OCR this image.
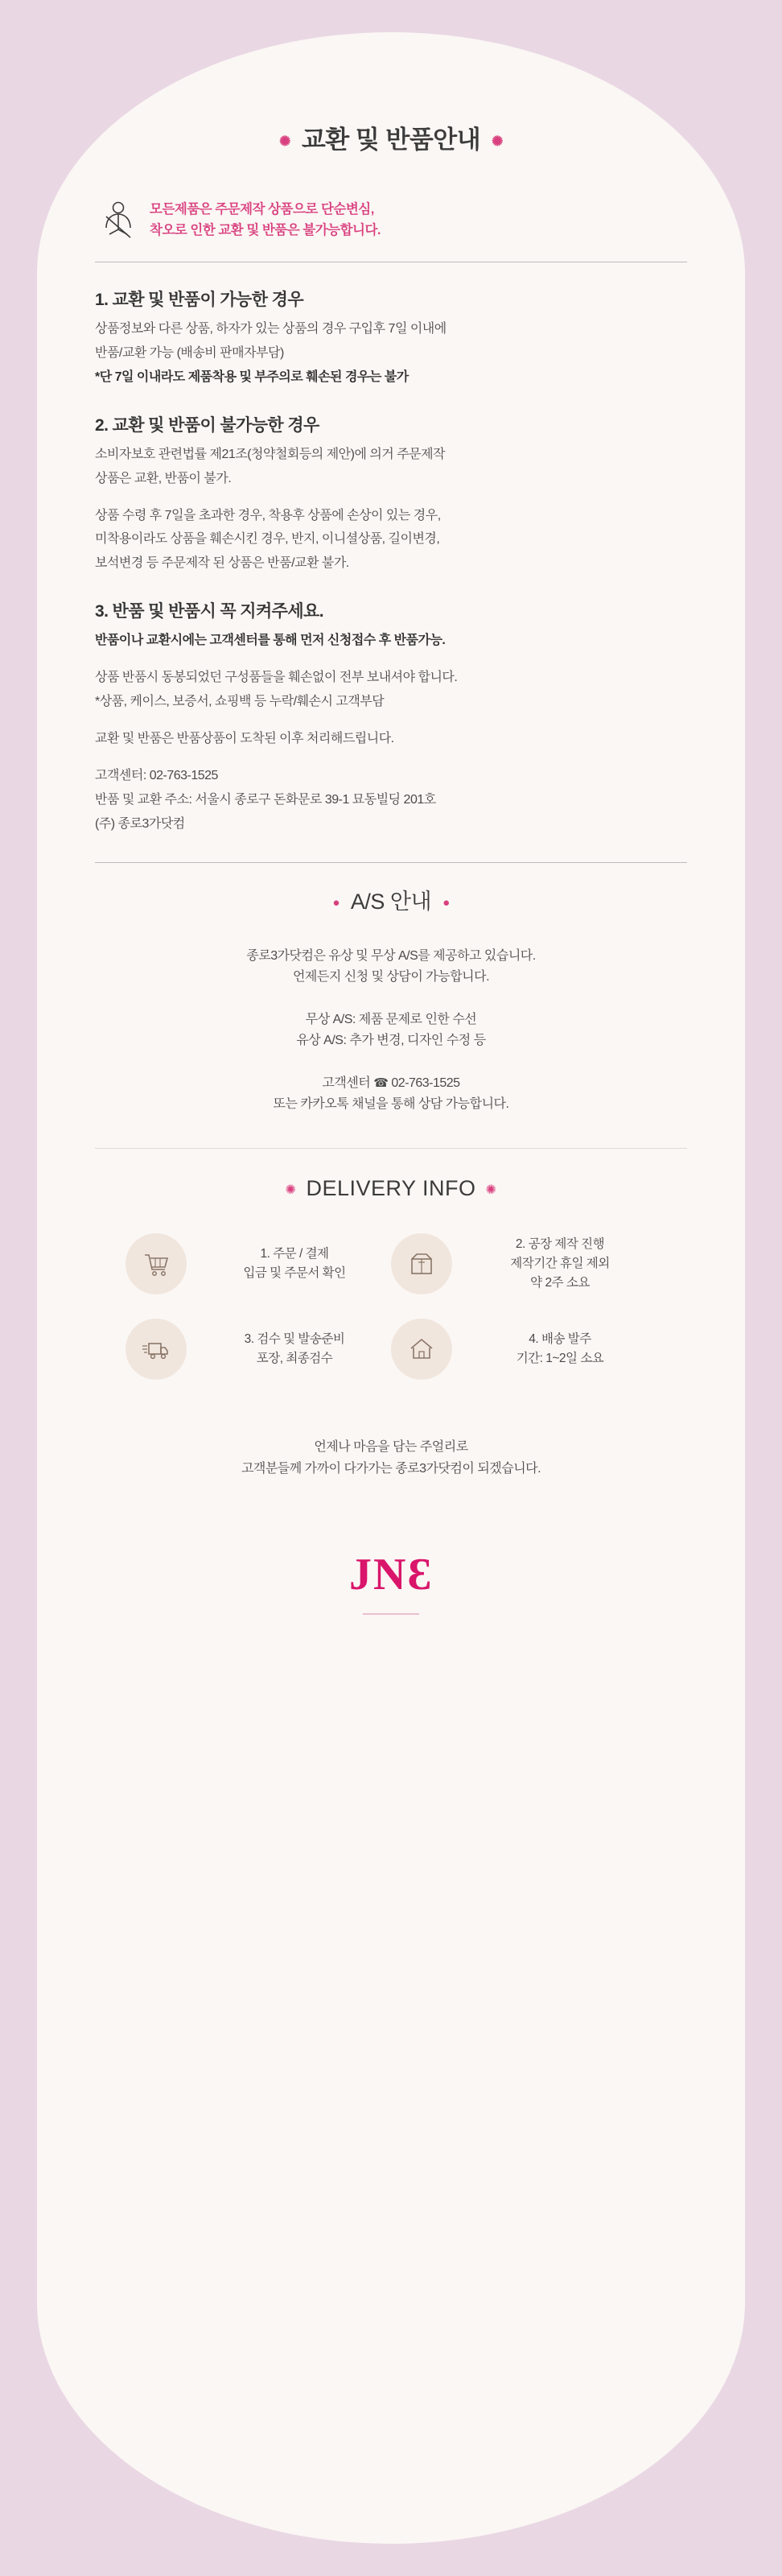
✺ 교환 및 반품안내 ✺
모든제품은 주문제작 상품으로 단순변심,
착오로 인한 교환 및 반품은 불가능합니다.
1. 교환 및 반품이 가능한 경우

상품정보와 다른 상품, 하자가 있는 상품의 경우 구입후 7일 이내에

반품/교환 가능 (배송비 판매자부담)

*단 7일 이내라도 제품착용 및 부주의로 훼손된 경우는 불가

2. 교환 및 반품이 불가능한 경우

소비자보호 관련법률 제21조(청약철회등의 제안)에 의거 주문제작

상품은 교환, 반품이 불가.

상품 수령 후 7일을 초과한 경우, 착용후 상품에 손상이 있는 경우,

미착용이라도 상품을 훼손시킨 경우, 반지, 이니셜상품, 길이변경,

보석변경 등 주문제작 된 상품은 반품/교환 불가.

3. 반품 및 반품시 꼭 지켜주세요.

반품이나 교환시에는 고객센터를 통해 먼저 신청접수 후 반품가능.

상품 반품시 동봉되었던 구성품들을 훼손없이 전부 보내셔야 합니다.

*상품, 케이스, 보증서, 쇼핑백 등 누락/훼손시 고객부담

교환 및 반품은 반품상품이 도착된 이후 처리해드립니다.

고객센터: 02-763-1525

반품 및 교환 주소: 서울시 종로구 돈화문로 39-1 묘동빌딩 201호

(주) 종로3가닷컴

● A/S 안내 ●
종로3가닷컴은 유상 및 무상 A/S를 제공하고 있습니다.
언제든지 신청 및 상담이 가능합니다.
무상 A/S: 제품 문제로 인한 수선
유상 A/S: 추가 변경, 디자인 수정 등
고객센터 ☎ 02-763-1525
또는 카카오톡 채널을 통해 상담 가능합니다.
✺ DELIVERY INFO ✺
1. 주문 / 결제
입금 및 주문서 확인
2. 공장 제작 진행
제작기간 휴일 제외
약 2주 소요
3. 검수 및 발송준비
포장, 최종검수
4. 배송 발주
기간: 1~2일 소요
언제나 마음을 담는 주얼리로
고객분들께 가까이 다가가는 종로3가닷컴이 되겠습니다.
JNƐ
